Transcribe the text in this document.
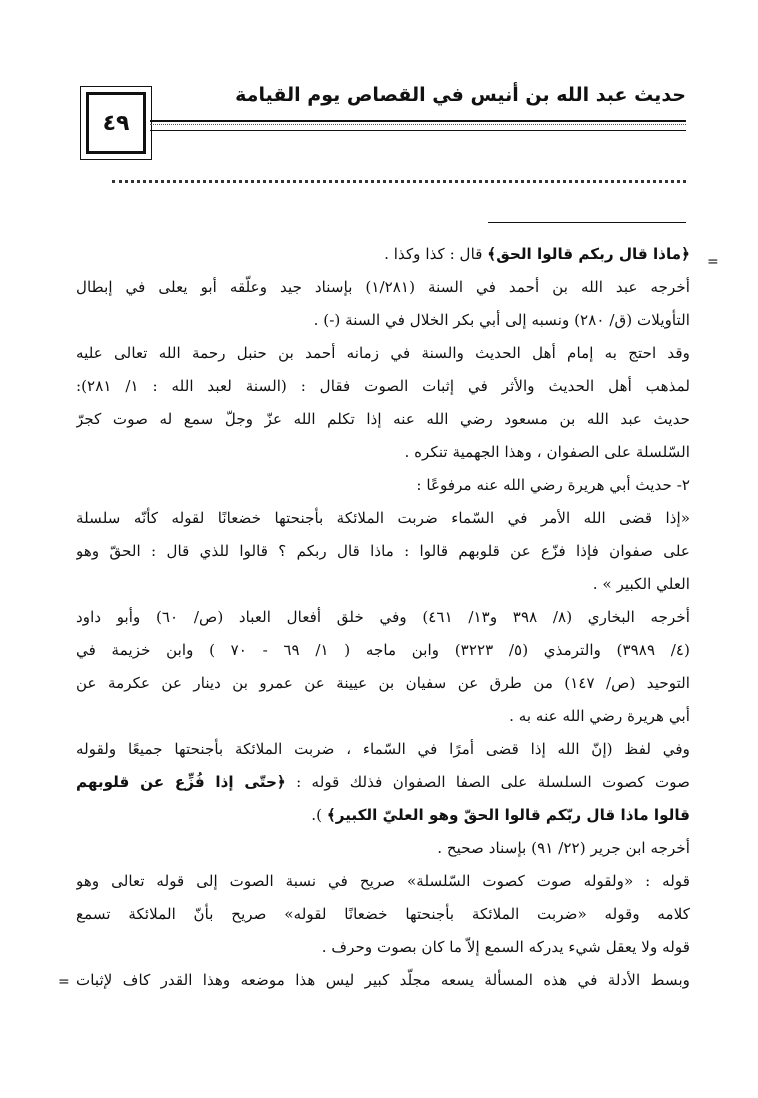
حديث عبد الله بن أنيس في القصاص يوم القيامة
٤٩
=
=
﴿ماذا قال ربكم قالوا الحق﴾ قال : كذا وكذا .
أخرجه عبد الله بن أحمد في السنة (١/٢٨١) بإسناد جيد وعلّقه أبو يعلى في إبطال
التأويلات (ق/ ٢٨٠) ونسبه إلى أبي بكر الخلال في السنة (-) .
وقد احتج به إمام أهل الحديث والسنة في زمانه أحمد بن حنبل رحمة الله تعالى عليه
لمذهب أهل الحديث والأثر في إثبات الصوت فقال : (السنة لعبد الله : ١/ ٢٨١):
حديث عبد الله بن مسعود رضي الله عنه إذا تكلم الله عزّ وجلّ سمع له صوت كجرّ
السّلسلة على الصفوان ، وهذا الجهمية تنكره .
٢- حديث أبي هريرة رضي الله عنه مرفوعًا :
«إذا قضى الله الأمر في السّماء ضربت الملائكة بأجنحتها خضعانًا لقوله كأنّه سلسلة
على صفوان فإذا فزّع عن قلوبهم قالوا : ماذا قال ربكم ؟ قالوا للذي قال : الحقّ وهو
العلي الكبير » .
أخرجه البخاري (٨/ ٣٩٨ و١٣/ ٤٦١) وفي خلق أفعال العباد (ص/ ٦٠) وأبو داود
(٤/ ٣٩٨٩) والترمذي (٥/ ٣٢٢٣) وابن ماجه ( ١/ ٦٩ - ٧٠ ) وابن خزيمة في
التوحيد (ص/ ١٤٧) من طرق عن سفيان بن عيينة عن عمرو بن دينار عن عكرمة عن
أبي هريرة رضي الله عنه به .
وفي لفظ (إنّ الله إذا قضى أمرًا في السّماء ، ضربت الملائكة بأجنحتها جميعًا ولقوله
صوت كصوت السلسلة على الصفا الصفوان فذلك قوله : ﴿حتّى إذا فُزِّع عن قلوبهم
قالوا ماذا قال ربّكم قالوا الحقّ وهو العليّ الكبير﴾ ).
أخرجه ابن جرير (٢٢/ ٩١) بإسناد صحيح .
قوله : «ولقوله صوت كصوت السّلسلة» صريح في نسبة الصوت إلى قوله تعالى وهو
كلامه وقوله «ضربت الملائكة بأجنحتها خضعانًا لقوله» صريح بأنّ الملائكة تسمع
قوله ولا يعقل شيء يدركه السمع إلاّ ما كان بصوت وحرف .
وبسط الأدلة في هذه المسألة يسعه مجلّد كبير ليس هذا موضعه وهذا القدر كاف لإثبات
